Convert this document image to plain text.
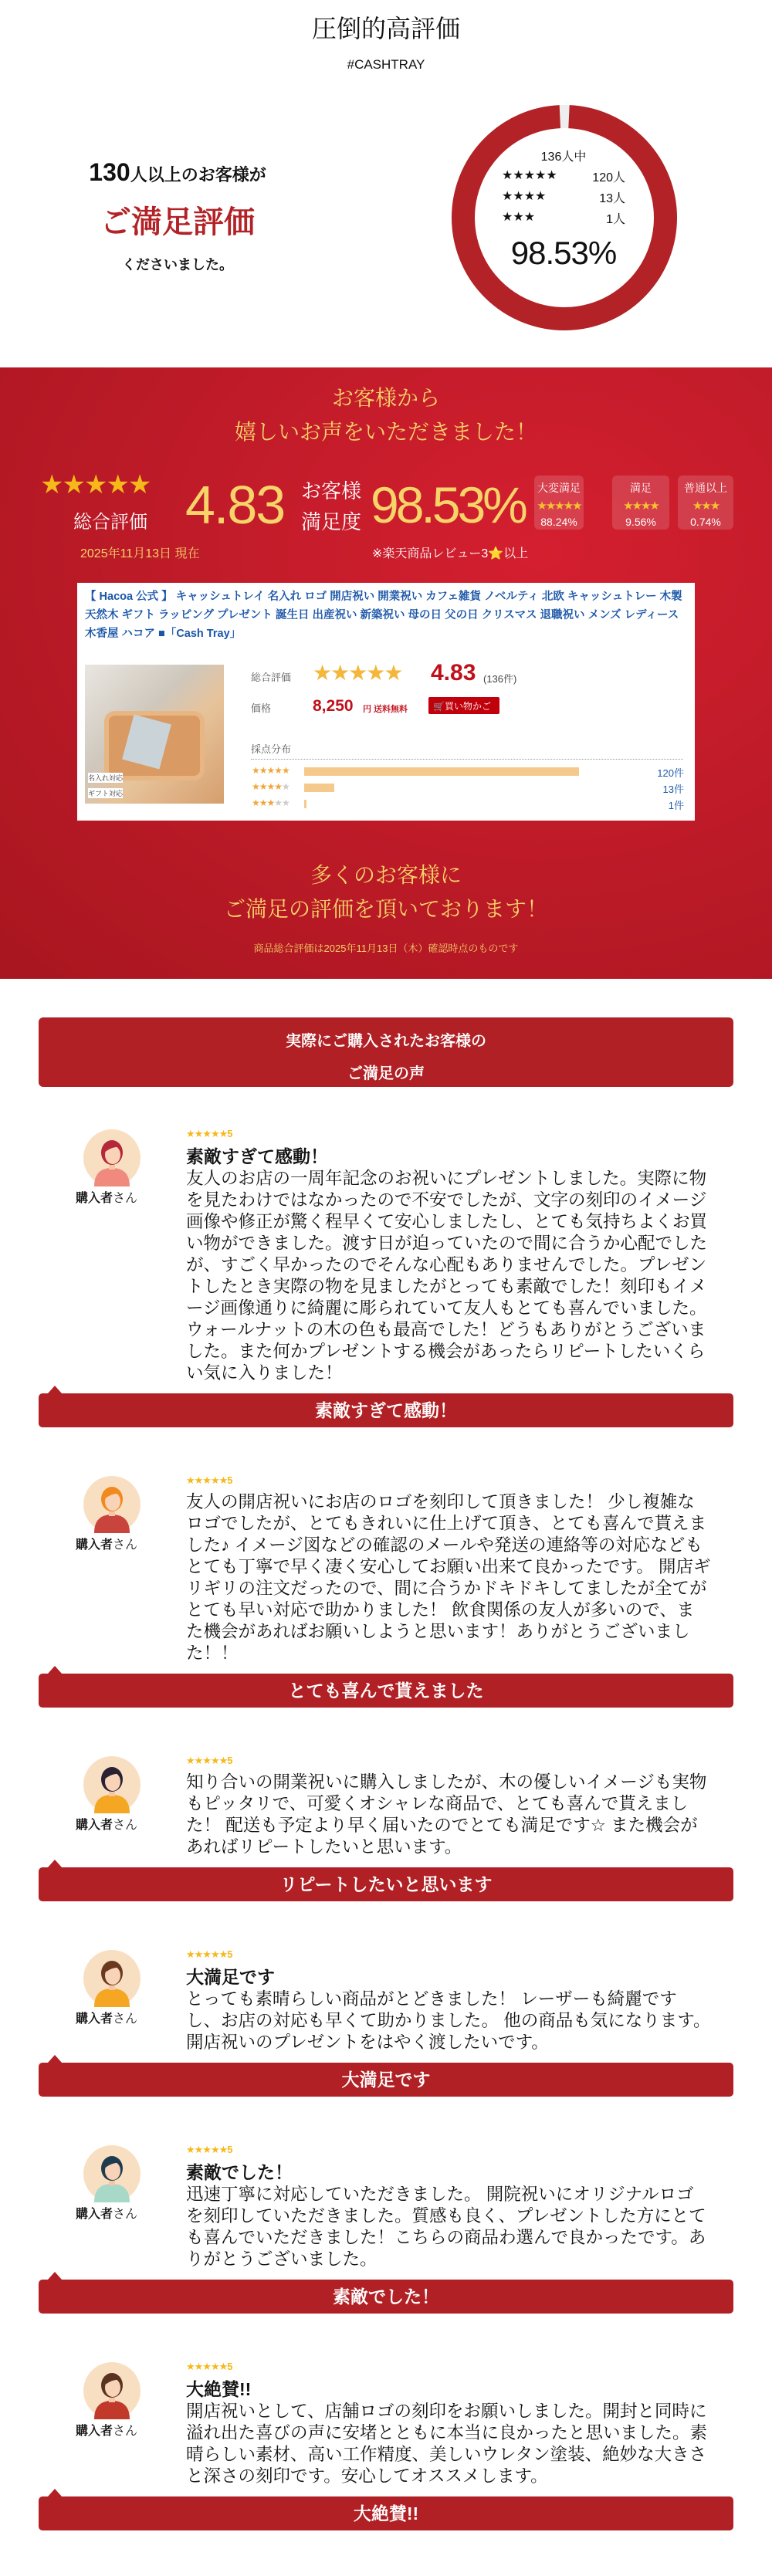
圧倒的高評価
#CASHTRAY
130人以上のお客様が
ご満足評価
くださいました。
136人中
★★★★★	120人
★★★★	13人
★★★	1人
98.53%
お客様から
嬉しいお声をいただきました！
★★★★★
総合評価 4.83 お客様
満足度 98.53% 大変満足
★★★★★
88.24%
満足
★★★★
9.56%
普通以上
★★★
0.74%
2025年11月13日 現在	※楽天商品レビュー3⭐以上
【 Hacoa 公式 】 キャッシュトレイ 名入れ ロゴ 開店祝い 開業祝い カフェ雑貨 ノベルティ 北欧 キャッシュトレー 木製 天然木 ギフト ラッピング プレゼント 誕生日 出産祝い 新築祝い 母の日 父の日 クリスマス 退職祝い メンズ レディース 木香屋 ハコア ■「Cash Tray」
名入れ対応
ギフト対応
総合評価 ★★★★★ 4.83 (136件)
価格	8,250 円 送料無料	🛒買い物かご
採点分布
★★★★★	120件
★★★★★	13件
★★★★★	1件
多くのお客様に
ご満足の評価を頂いております！
商品総合評価は2025年11月13日（木）確認時点のものです
実際にご購入されたお客様の
ご満足の声
購入者さん
★★★★★5
素敵すぎて感動！
友人のお店の一周年記念のお祝いにプレゼントしました。実際に物を見たわけではなかったので不安でしたが、文字の刻印のイメージ画像や修正が驚く程早くて安心しましたし、とても気持ちよくお買い物ができました。渡す日が迫っていたので間に合うか心配でしたが、すごく早かったのでそんな心配もありませんでした。プレゼントしたとき実際の物を見ましたがとっても素敵でした！刻印もイメージ画像通りに綺麗に彫られていて友人もとても喜んでいました。ウォールナットの木の色も最高でした！どうもありがとうございました。また何かプレゼントする機会があったらリピートしたいくらい気に入りました！
素敵すぎて感動！
購入者さん
★★★★★5
友人の開店祝いにお店のロゴを刻印して頂きました！ 少し複雑なロゴでしたが、とてもきれいに仕上げて頂き、とても喜んで貰えました♪ イメージ図などの確認のメールや発送の連絡等の対応などもとても丁寧で早く凄く安心してお願い出来て良かったです。 開店ギリギリの注文だったので、間に合うかドキドキしてましたが全てがとても早い対応で助かりました！ 飲食関係の友人が多いので、また機会があればお願いしようと思います！ありがとうございました！！
とても喜んで貰えました
購入者さん
★★★★★5
知り合いの開業祝いに購入しましたが、木の優しいイメージも実物もピッタリで、可愛くオシャレな商品で、とても喜んで貰えました！ 配送も予定より早く届いたのでとても満足です☆ また機会があればリピートしたいと思います。
リピートしたいと思います
購入者さん
★★★★★5
大満足です
とっても素晴らしい商品がとどきました！ レーザーも綺麗ですし、お店の対応も早くて助かりました。 他の商品も気になります。 開店祝いのプレゼントをはやく渡したいです。
大満足です
購入者さん
★★★★★5
素敵でした！
迅速丁寧に対応していただきました。 開院祝いにオリジナルロゴを刻印していただきました。質感も良く、プレゼントした方にとても喜んでいただきました！こちらの商品わ選んで良かったです。ありがとうございました。
素敵でした！
購入者さん
★★★★★5
大絶賛!!
開店祝いとして、店舗ロゴの刻印をお願いしました。開封と同時に溢れ出た喜びの声に安堵とともに本当に良かったと思いました。素晴らしい素材、高い工作精度、美しいウレタン塗装、絶妙な大きさと深さの刻印です。安心してオススメします。
大絶賛!!
